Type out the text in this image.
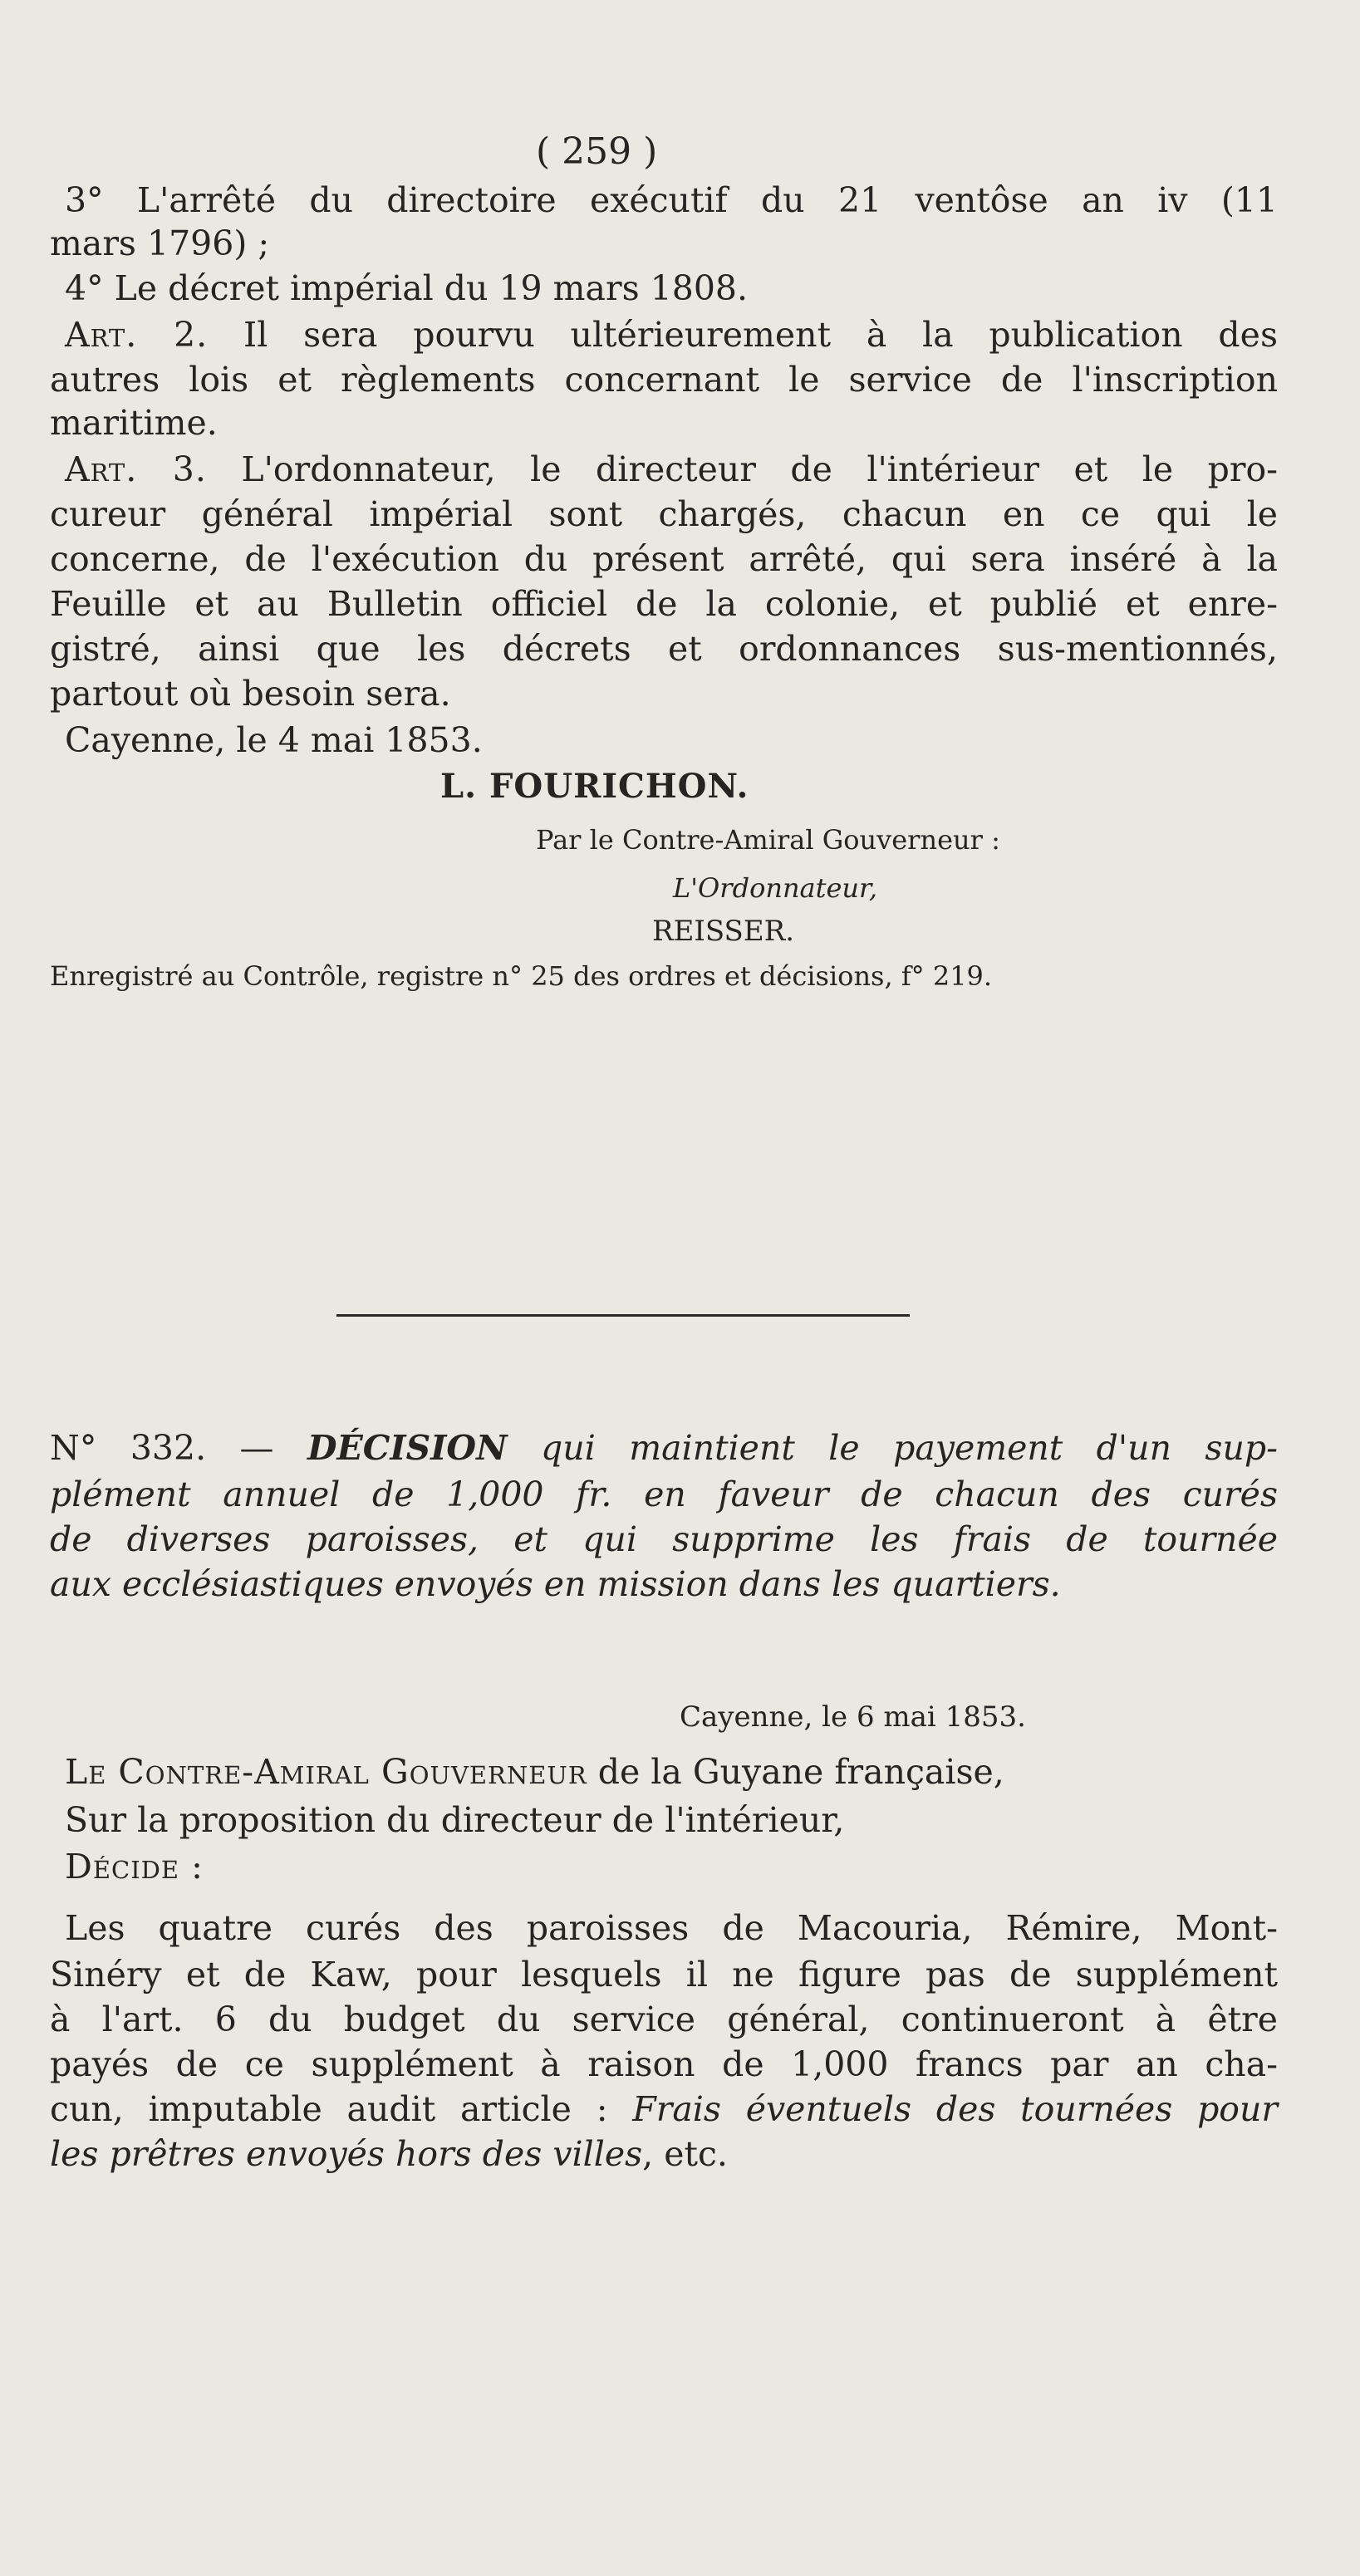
( 259 )
3° L'arrêté du directoire exécutif du 21 ventôse an iv (11
mars 1796) ;
4° Le décret impérial du 19 mars 1808.
Art. 2. Il sera pourvu ultérieurement à la publication des
autres lois et règlements concernant le service de l'inscription
maritime.
Art. 3. L'ordonnateur, le directeur de l'intérieur et le pro-
cureur général impérial sont chargés, chacun en ce qui le
concerne, de l'exécution du présent arrêté, qui sera inséré à la
Feuille et au Bulletin officiel de la colonie, et publié et enre-
gistré, ainsi que les décrets et ordonnances sus-mentionnés,
partout où besoin sera.
Cayenne, le 4 mai 1853.
L. FOURICHON.
Par le Contre-Amiral Gouverneur :
L'Ordonnateur,
REISSER.
Enregistré au Contrôle, registre n° 25 des ordres et décisions, f° 219.
N° 332. — DÉCISION qui maintient le payement d'un sup-
plément annuel de 1,000 fr. en faveur de chacun des curés
de diverses paroisses, et qui supprime les frais de tournée
aux ecclésiastiques envoyés en mission dans les quartiers.
Cayenne, le 6 mai 1853.
Le Contre-Amiral Gouverneur de la Guyane française,
Sur la proposition du directeur de l'intérieur,
Décide :
Les quatre curés des paroisses de Macouria, Rémire, Mont-
Sinéry et de Kaw, pour lesquels il ne figure pas de supplément
à l'art. 6 du budget du service général, continueront à être
payés de ce supplément à raison de 1,000 francs par an cha-
cun, imputable audit article : Frais éventuels des tournées pour
les prêtres envoyés hors des villes, etc.
